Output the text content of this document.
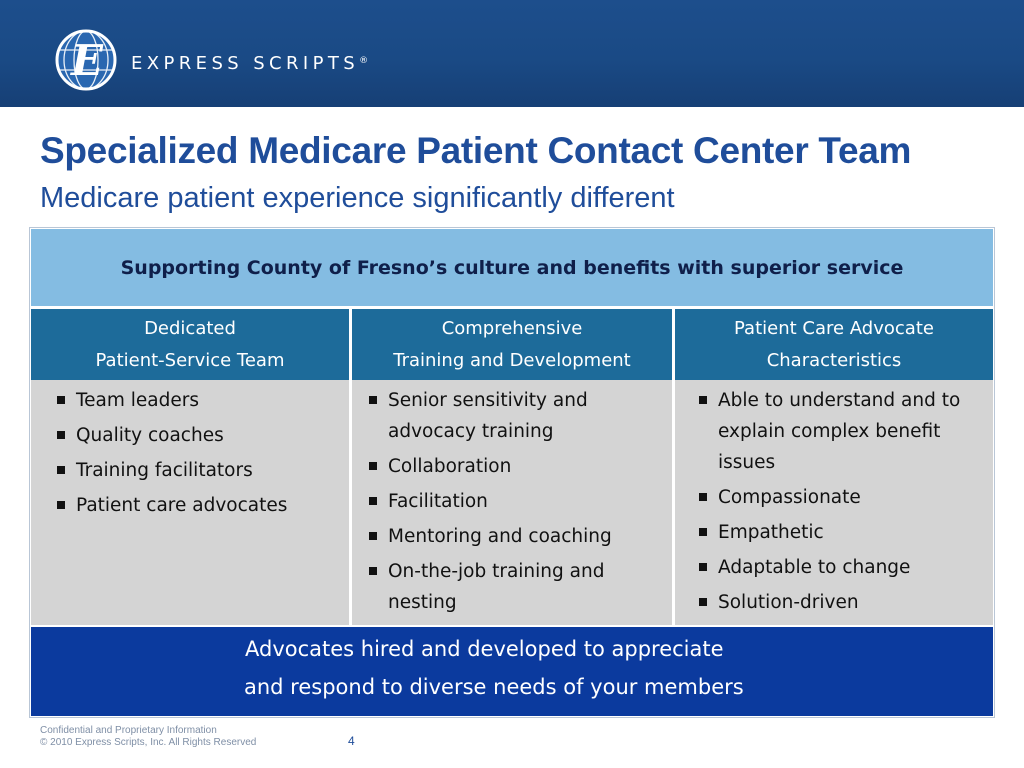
E EXPRESS SCRIPTS®
Specialized Medicare Patient Contact Center Team
Medicare patient experience significantly different
Supporting County of Fresno’s culture and benefits with superior service
Dedicated
Patient-Service Team
Comprehensive
Training and Development
Patient Care Advocate
Characteristics
Team leaders
Quality coaches
Training facilitators
Patient care advocates
Senior sensitivity and advocacy training
Collaboration
Facilitation
Mentoring and coaching
On-the-job training and nesting
Able to understand and to explain complex benefit issues
Compassionate
Empathetic
Adaptable to change
Solution-driven
Advocates hired and developed to appreciate
and respond to diverse needs of your members
Confidential and Proprietary Information
© 2010 Express Scripts, Inc. All Rights Reserved	4
